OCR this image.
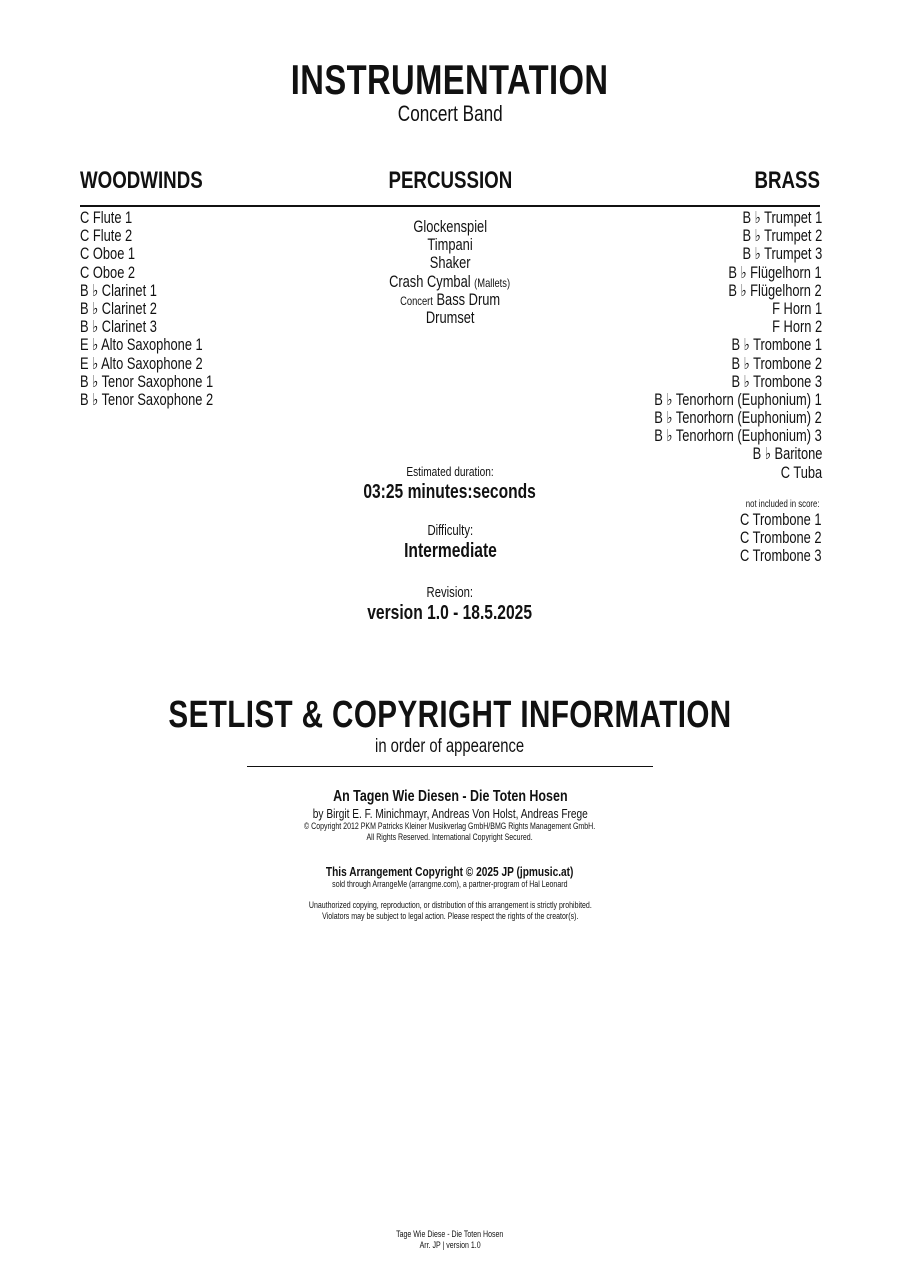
INSTRUMENTATION
Concert Band
WOODWINDS	PERCUSSION	BRASS
C Flute 1
C Flute 2
C Oboe 1
C Oboe 2
B ♭ Clarinet 1
B ♭ Clarinet 2
B ♭ Clarinet 3
E ♭ Alto Saxophone 1
E ♭ Alto Saxophone 2
B ♭ Tenor Saxophone 1
B ♭ Tenor Saxophone 2
Glockenspiel
Timpani
Shaker
Crash Cymbal (Mallets)
Concert Bass Drum
Drumset
B ♭ Trumpet 1
B ♭ Trumpet 2
B ♭ Trumpet 3
B ♭ Flügelhorn 1
B ♭ Flügelhorn 2
F Horn 1
F Horn 2
B ♭ Trombone 1
B ♭ Trombone 2
B ♭ Trombone 3
B ♭ Tenorhorn (Euphonium) 1
B ♭ Tenorhorn (Euphonium) 2
B ♭ Tenorhorn (Euphonium) 3
B ♭ Baritone
C Tuba
not included in score:
C Trombone 1
C Trombone 2
C Trombone 3
Estimated duration:
03:25 minutes:seconds
Difficulty:
Intermediate
Revision:
version 1.0 - 18.5.2025
SETLIST & COPYRIGHT INFORMATION
in order of appearence
An Tagen Wie Diesen - Die Toten Hosen
by Birgit E. F. Minichmayr, Andreas Von Holst, Andreas Frege
© Copyright 2012 PKM Patricks Kleiner Musikverlag GmbH/BMG Rights Management GmbH.
All Rights Reserved. International Copyright Secured.
This Arrangement Copyright © 2025 JP (jpmusic.at)
sold through ArrangeMe (arrangme.com), a partner-program of Hal Leonard
Unauthorized copying, reproduction, or distribution of this arrangement is strictly prohibited.
Violators may be subject to legal action. Please respect the rights of the creator(s).
Tage Wie Diese - Die Toten Hosen
Arr. JP | version 1.0
